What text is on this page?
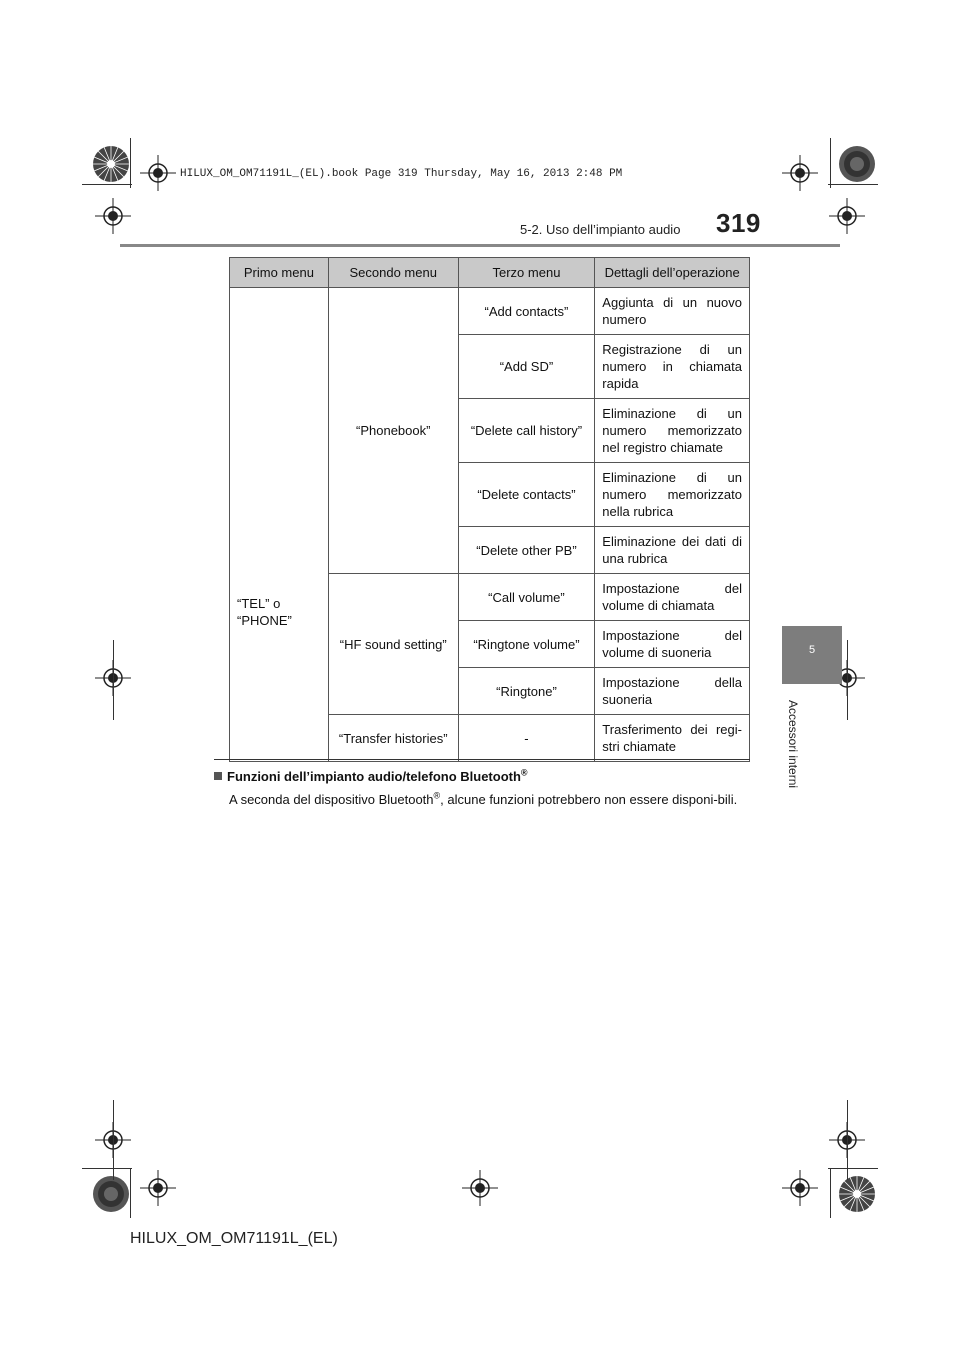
HILUX_OM_OM71191L_(EL).book Page 319 Thursday, May 16, 2013 2:48 PM
5-2. Uso dell’impianto audio 319
5
Accessori interni
Primo menu	Secondo menu	Terzo menu	Dettagli dell’operazione
“TEL” o
“PHONE”	“Phonebook”	“Add contacts”	Aggiunta di un nuovo numero
		“Add SD”	Registrazione di un numero in chiamata rapida
		“Delete call history”	Eliminazione di un numero memorizzato nel registro chiamate
		“Delete contacts”	Eliminazione di un numero memorizzato nella rubrica
		“Delete other PB”	Eliminazione dei dati di una rubrica
	“HF sound setting”	“Call volume”	Impostazione del volume di chiamata
		“Ringtone volume”	Impostazione del volume di suoneria
		“Ringtone”	Impostazione della suoneria
	“Transfer histories”	-	Trasferimento dei regi-stri chiamate
Funzioni dell’impianto audio/telefono Bluetooth®
A seconda del dispositivo Bluetooth®, alcune funzioni potrebbero non essere disponi-bili.
HILUX_OM_OM71191L_(EL)
